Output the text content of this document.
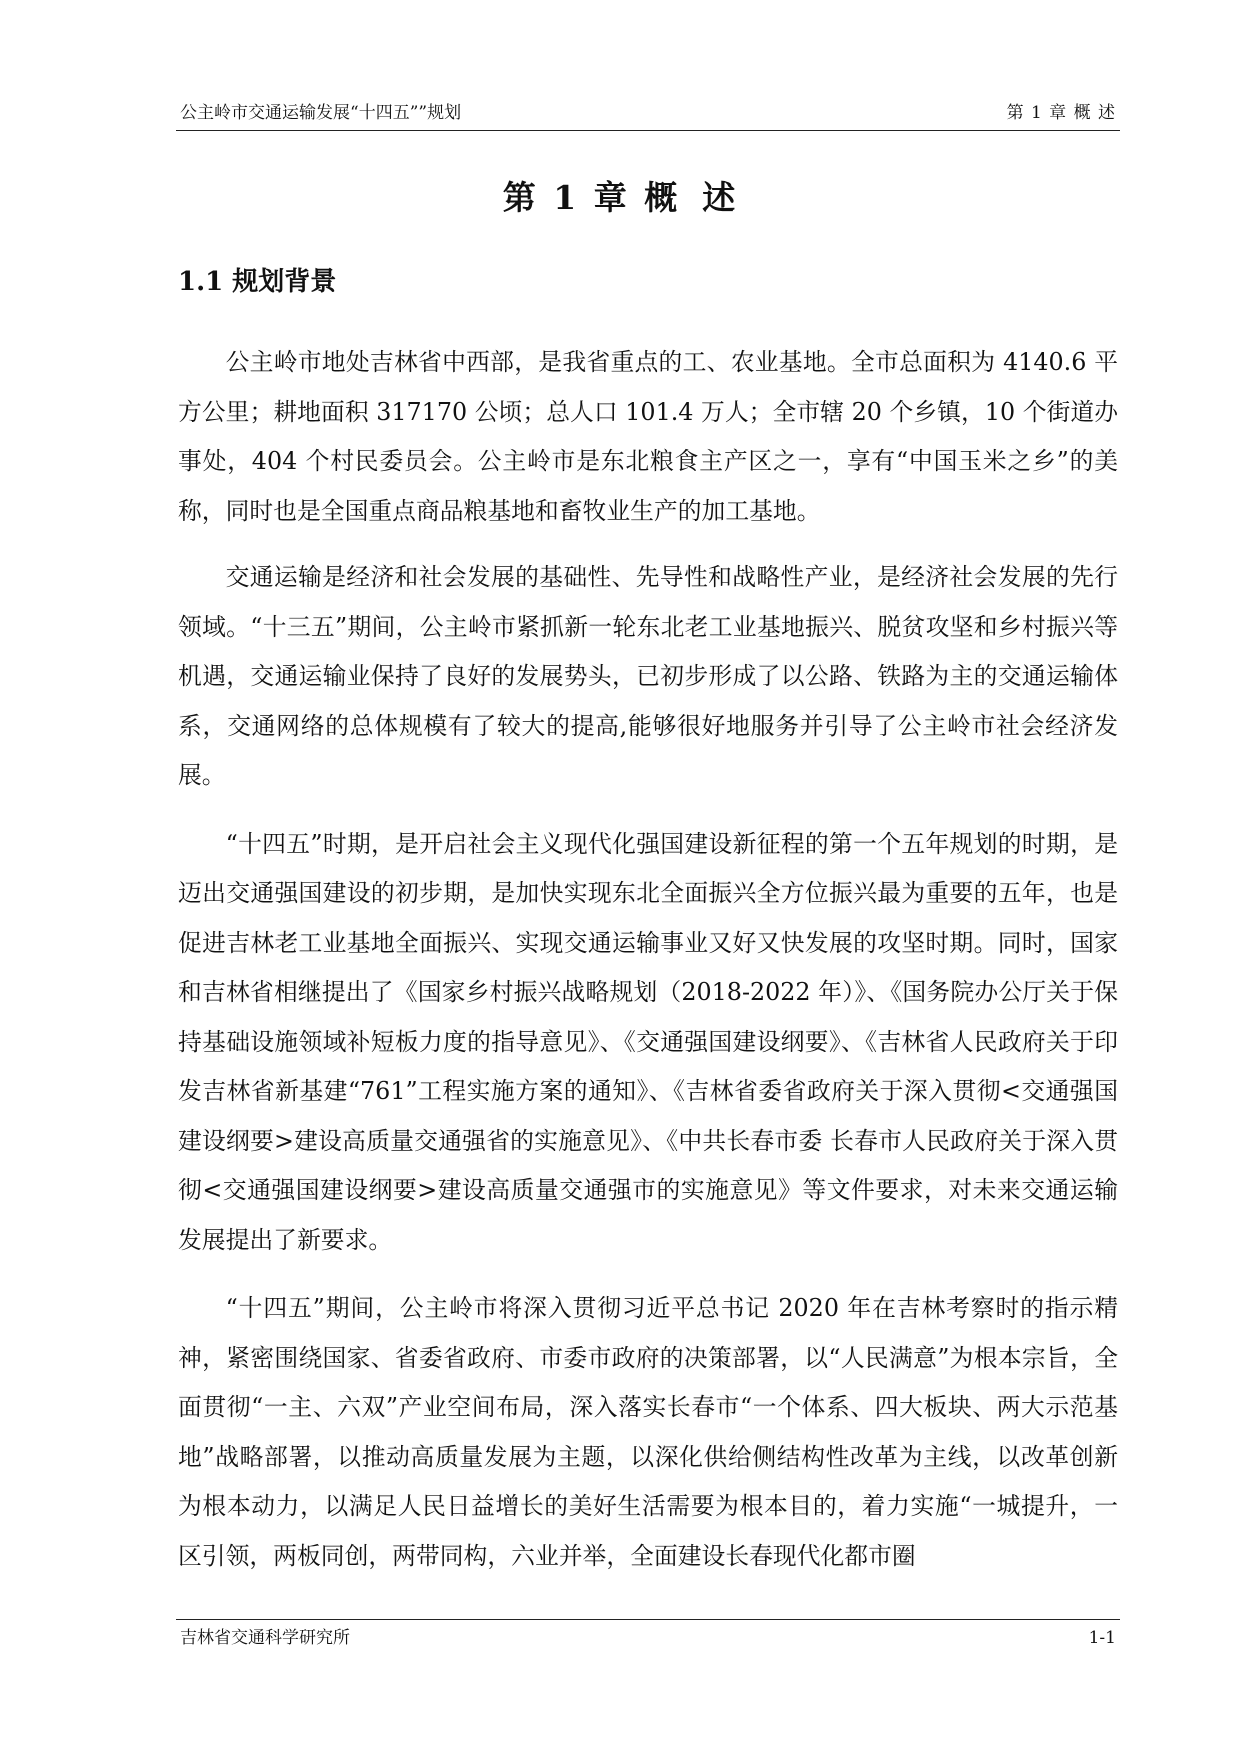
公主岭市交通运输发展“十四五””规划	第 1 章 概 述
第 1 章 概 述
1.1 规划背景

公主岭市地处吉林省中西部，是我省重点的工、农业基地。全市总面积为 4140.6 平方公里；耕地面积 317170 公顷；总人口 101.4 万人；全市辖 20 个乡镇，10 个街道办事处，404 个村民委员会。公主岭市是东北粮食主产区之一，享有“中国玉米之乡”的美称，同时也是全国重点商品粮基地和畜牧业生产的加工基地。

交通运输是经济和社会发展的基础性、先导性和战略性产业，是经济社会发展的先行领域。“十三五”期间，公主岭市紧抓新一轮东北老工业基地振兴、脱贫攻坚和乡村振兴等机遇，交通运输业保持了良好的发展势头，已初步形成了以公路、铁路为主的交通运输体系，交通网络的总体规模有了较大的提高,能够很好地服务并引导了公主岭市社会经济发展。

“十四五”时期，是开启社会主义现代化强国建设新征程的第一个五年规划的时期，是迈出交通强国建设的初步期，是加快实现东北全面振兴全方位振兴最为重要的五年，也是促进吉林老工业基地全面振兴、实现交通运输事业又好又快发展的攻坚时期。同时，国家和吉林省相继提出了《国家乡村振兴战略规划（2018-2022 年）》、《国务院办公厅关于保持基础设施领域补短板力度的指导意见》、《交通强国建设纲要》、《吉林省人民政府关于印发吉林省新基建“761”工程实施方案的通知》、《吉林省委省政府关于深入贯彻<交通强国建设纲要>建设高质量交通强省的实施意见》、《中共长春市委 长春市人民政府关于深入贯彻<交通强国建设纲要>建设高质量交通强市的实施意见》等文件要求，对未来交通运输发展提出了新要求。

“十四五”期间，公主岭市将深入贯彻习近平总书记 2020 年在吉林考察时的指示精神，紧密围绕国家、省委省政府、市委市政府的决策部署，以“人民满意”为根本宗旨，全面贯彻“一主、六双”产业空间布局，深入落实长春市“一个体系、四大板块、两大示范基地”战略部署，以推动高质量发展为主题，以深化供给侧结构性改革为主线，以改革创新为根本动力，以满足人民日益增长的美好生活需要为根本目的，着力实施“一城提升，一区引领，两板同创，两带同构，六业并举，全面建设长春现代化都市圈

吉林省交通科学研究所	1-1
